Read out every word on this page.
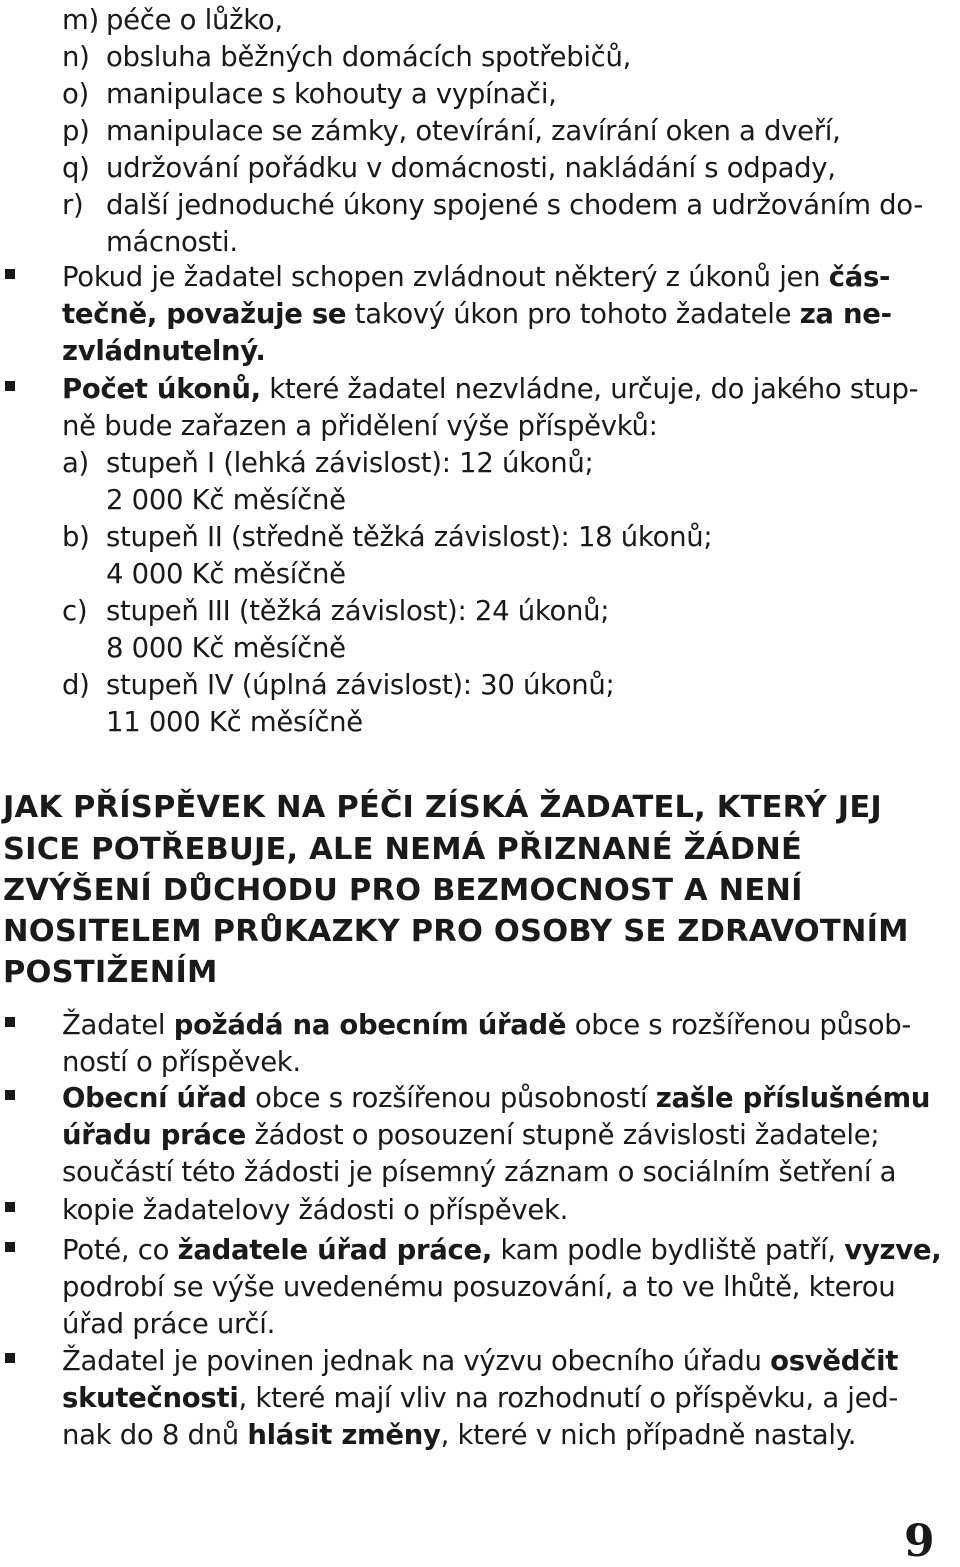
m) péče o lůžko,
n) obsluha běžných domácích spotřebičů,
o) manipulace s kohouty a vypínači,
p) manipulace se zámky, otevírání, zavírání oken a dveří,
q) udržování pořádku v domácnosti, nakládání s odpady,
r) další jednoduché úkony spojené s chodem a udržováním do-
mácnosti.
Pokud je žadatel schopen zvládnout některý z úkonů jen čás-
tečně, považuje se takový úkon pro tohoto žadatele za ne-
zvládnutelný.
Počet úkonů, které žadatel nezvládne, určuje, do jakého stup-
ně bude zařazen a přidělení výše příspěvků:
a) stupeň I (lehká závislost): 12 úkonů;
2 000 Kč měsíčně
b) stupeň II (středně těžká závislost): 18 úkonů;
4 000 Kč měsíčně
c) stupeň III (těžká závislost): 24 úkonů;
8 000 Kč měsíčně
d) stupeň IV (úplná závislost): 30 úkonů;
11 000 Kč měsíčně
JAK PŘÍSPĚVEK NA PÉČI ZÍSKÁ ŽADATEL, KTERÝ JEJ
SICE POTŘEBUJE, ALE NEMÁ PŘIZNANÉ ŽÁDNÉ
ZVÝŠENÍ DŮCHODU PRO BEZMOCNOST A NENÍ
NOSITELEM PRŮKAZKY PRO OSOBY SE ZDRAVOTNÍM
POSTIŽENÍM
Žadatel požádá na obecním úřadě obce s rozšířenou působ-
ností o příspěvek.
Obecní úřad obce s rozšířenou působností zašle příslušnému
úřadu práce žádost o posouzení stupně závislosti žadatele;
součástí této žádosti je písemný záznam o sociálním šetření a
kopie žadatelovy žádosti o příspěvek.
Poté, co žadatele úřad práce, kam podle bydliště patří, vyzve,
podrobí se výše uvedenému posuzování, a to ve lhůtě, kterou
úřad práce určí.
Žadatel je povinen jednak na výzvu obecního úřadu osvědčit
skutečnosti, které mají vliv na rozhodnutí o příspěvku, a jed-
nak do 8 dnů hlásit změny, které v nich případně nastaly.
9
